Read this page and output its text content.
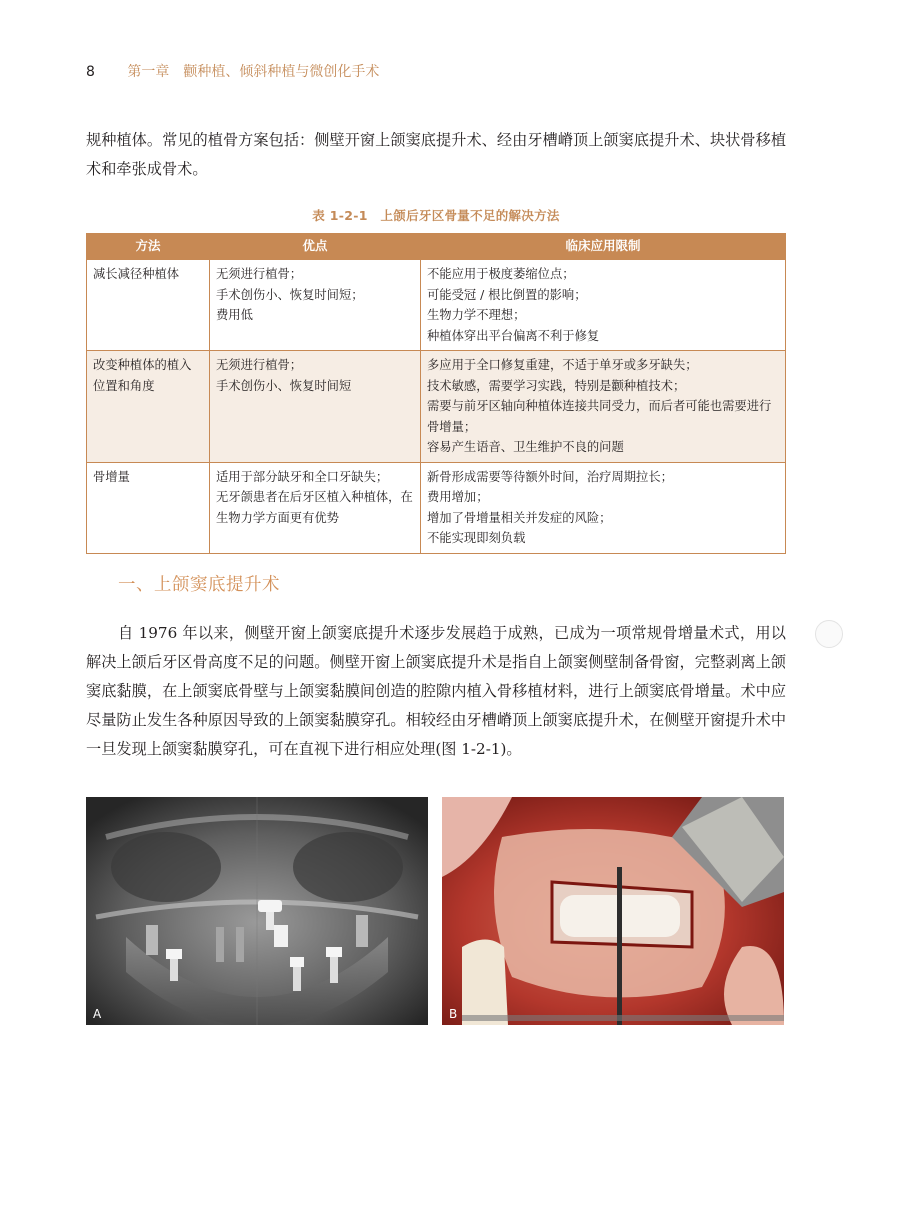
8 第一章　颧种植、倾斜种植与微创化手术

规种植体。常见的植骨方案包括：侧壁开窗上颌窦底提升术、经由牙槽嵴顶上颌窦底提升术、块状骨移植术和牵张成骨术。

表 1-2-1　上颌后牙区骨量不足的解决方法
方法	优点	临床应用限制
减长减径种植体	无须进行植骨；
手术创伤小、恢复时间短；
费用低	不能应用于极度萎缩位点；
可能受冠 / 根比倒置的影响；
生物力学不理想；
种植体穿出平台偏离不利于修复

改变种植体的植入位置和角度	无须进行植骨；
手术创伤小、恢复时间短	多应用于全口修复重建，不适于单牙或多牙缺失；
技术敏感，需要学习实践，特别是颧种植技术；
需要与前牙区轴向种植体连接共同受力，而后者可能也需要进行骨增量；
容易产生语音、卫生维护不良的问题

骨增量	适用于部分缺牙和全口牙缺失；
无牙颌患者在后牙区植入种植体，在生物力学方面更有优势	新骨形成需要等待额外时间，治疗周期拉长；
费用增加；
增加了骨增量相关并发症的风险；
不能实现即刻负载
一、上颌窦底提升术

自 1976 年以来，侧壁开窗上颌窦底提升术逐步发展趋于成熟，已成为一项常规骨增量术式，用以解决上颌后牙区骨高度不足的问题。侧壁开窗上颌窦底提升术是指自上颌窦侧壁制备骨窗，完整剥离上颌窦底黏膜，在上颌窦底骨壁与上颌窦黏膜间创造的腔隙内植入骨移植材料，进行上颌窦底骨增量。术中应尽量防止发生各种原因导致的上颌窦黏膜穿孔。相较经由牙槽嵴顶上颌窦底提升术，在侧壁开窗提升术中一旦发现上颌窦黏膜穿孔，可在直视下进行相应处理(图 1-2-1)。

A	B
